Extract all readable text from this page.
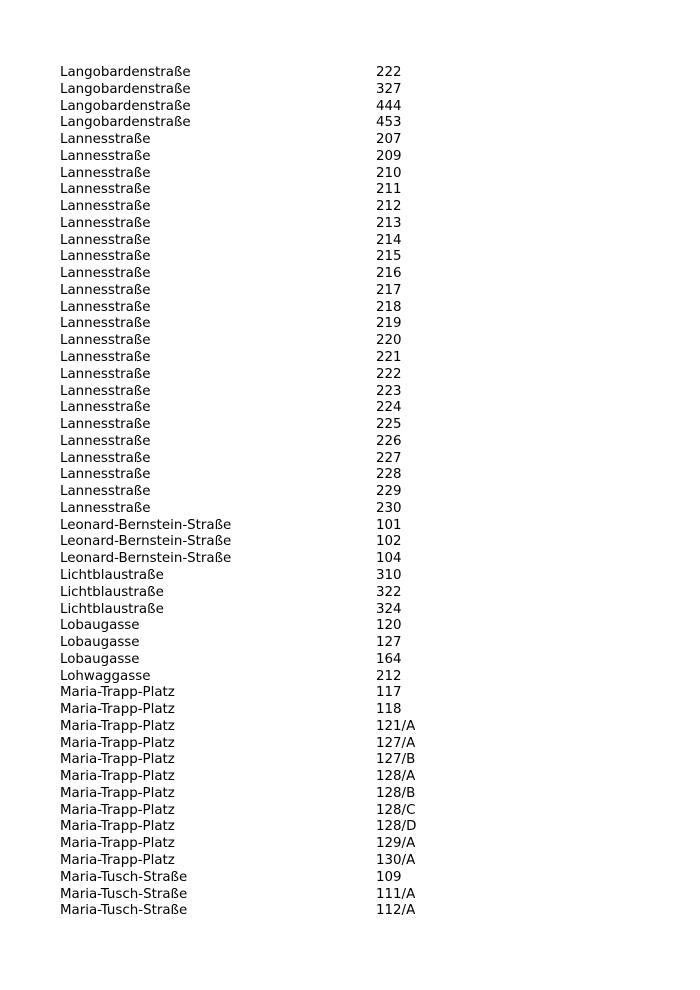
Langobardenstraße	222
Langobardenstraße	327
Langobardenstraße	444
Langobardenstraße	453
Lannesstraße	207
Lannesstraße	209
Lannesstraße	210
Lannesstraße	211
Lannesstraße	212
Lannesstraße	213
Lannesstraße	214
Lannesstraße	215
Lannesstraße	216
Lannesstraße	217
Lannesstraße	218
Lannesstraße	219
Lannesstraße	220
Lannesstraße	221
Lannesstraße	222
Lannesstraße	223
Lannesstraße	224
Lannesstraße	225
Lannesstraße	226
Lannesstraße	227
Lannesstraße	228
Lannesstraße	229
Lannesstraße	230
Leonard-Bernstein-Straße	101
Leonard-Bernstein-Straße	102
Leonard-Bernstein-Straße	104
Lichtblaustraße	310
Lichtblaustraße	322
Lichtblaustraße	324
Lobaugasse	120
Lobaugasse	127
Lobaugasse	164
Lohwaggasse	212
Maria-Trapp-Platz	117
Maria-Trapp-Platz	118
Maria-Trapp-Platz	121/A
Maria-Trapp-Platz	127/A
Maria-Trapp-Platz	127/B
Maria-Trapp-Platz	128/A
Maria-Trapp-Platz	128/B
Maria-Trapp-Platz	128/C
Maria-Trapp-Platz	128/D
Maria-Trapp-Platz	129/A
Maria-Trapp-Platz	130/A
Maria-Tusch-Straße	109
Maria-Tusch-Straße	111/A
Maria-Tusch-Straße	112/A
